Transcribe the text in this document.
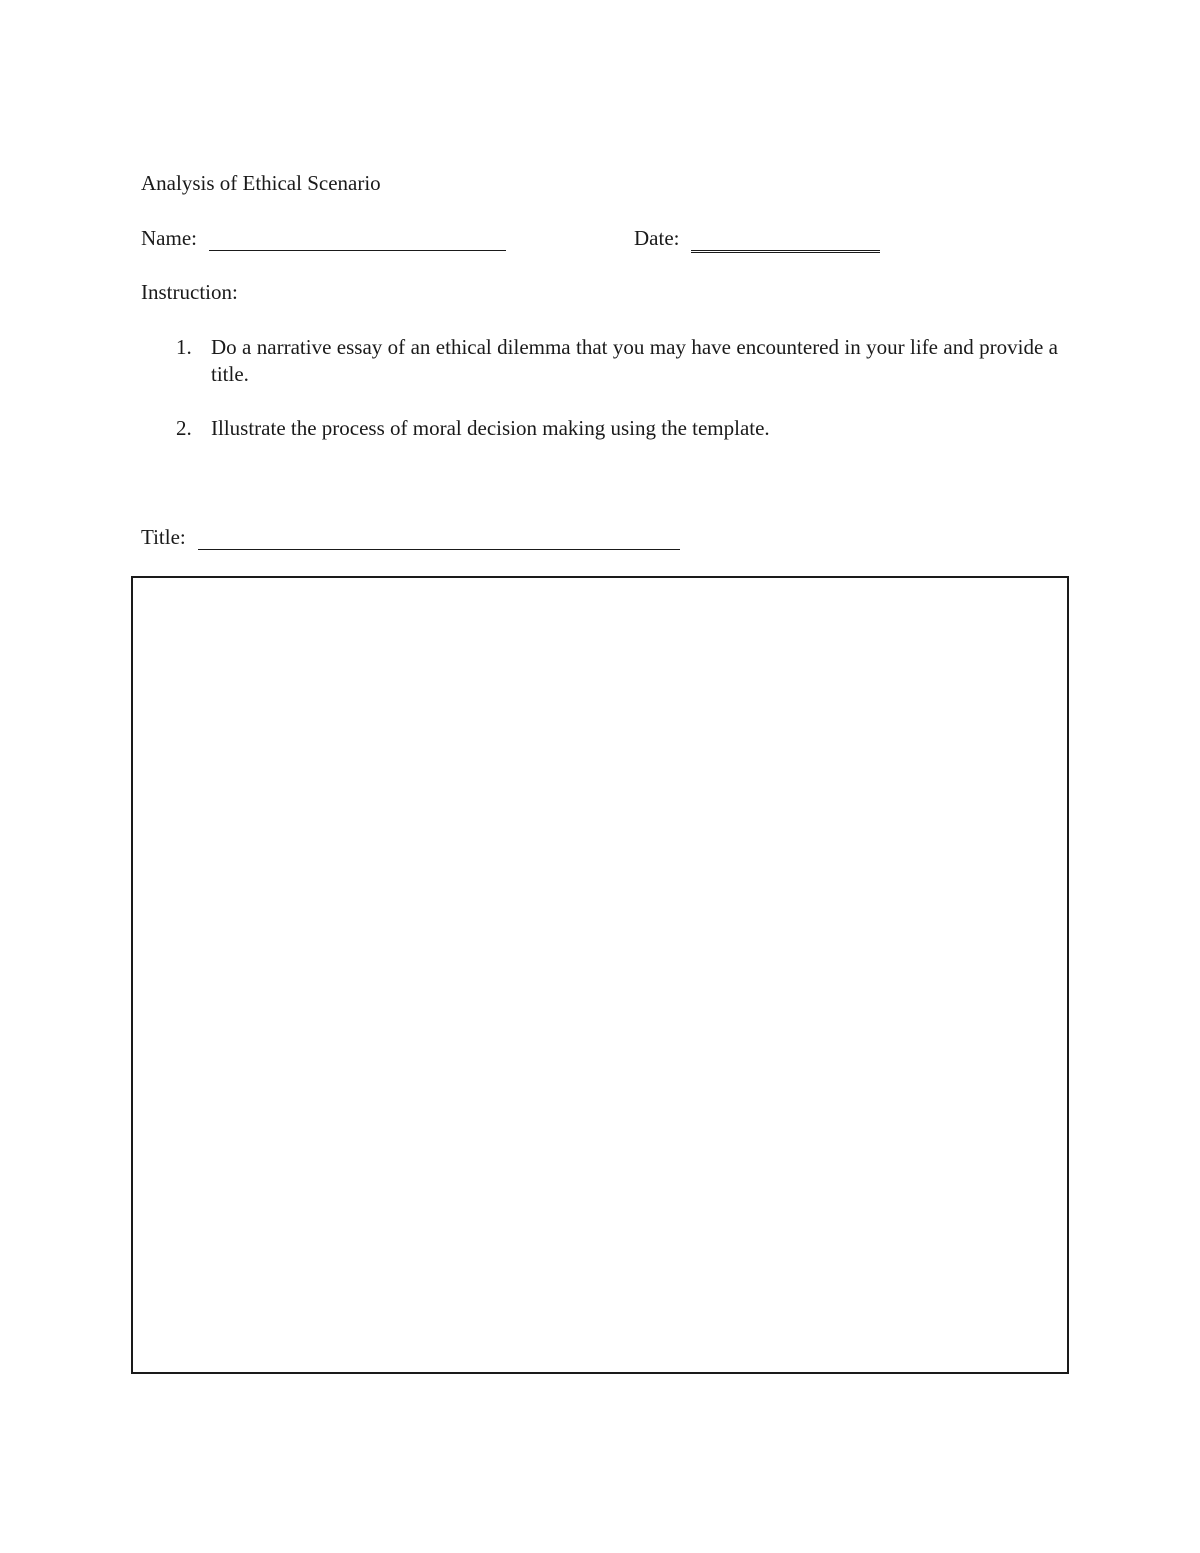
Analysis of Ethical Scenario
Name:	Date:
Instruction:
1. Do a narrative essay of an ethical dilemma that you may have encountered in your life and provide a title.
2. Illustrate the process of moral decision making using the template.
Title:
